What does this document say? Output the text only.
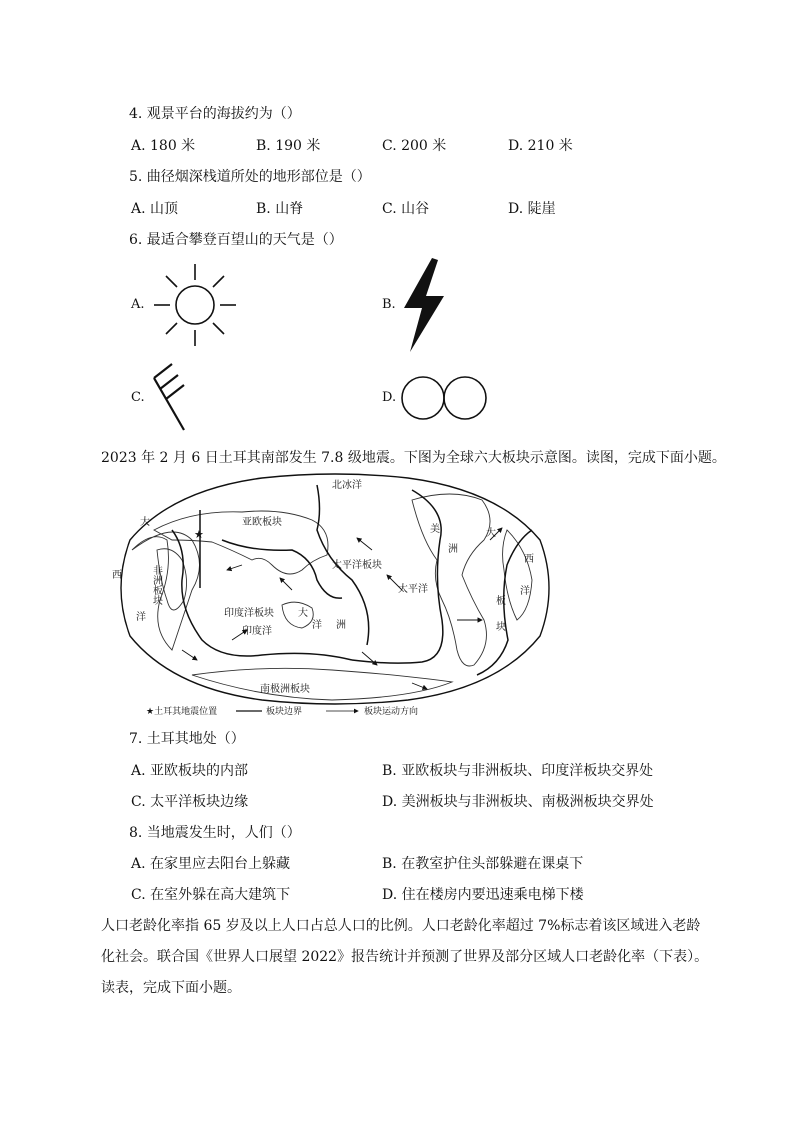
4. 观景平台的海拔约为（）
A. 180 米	B. 190 米	C. 200 米	D. 210 米
5. 曲径烟深栈道所处的地形部位是（）
A. 山顶	B. 山脊	C. 山谷	D. 陡崖
6. 最适合攀登百望山的天气是（）
A.	B.
C.	D.
2023 年 2 月 6 日土耳其南部发生 7.8 级地震。下图为全球六大板块示意图。读图，完成下面小题。
★
北冰洋
亚欧板块
太平洋板块
太平洋
非洲板块
印度洋板块
印度洋
南极洲板块
美
洲
板
块
大
西
洋
大
西
洋
大
洋 洲
★土耳其地震位置	板块边界	板块运动方向
7. 土耳其地处（）
A. 亚欧板块的内部	B. 亚欧板块与非洲板块、印度洋板块交界处
C. 太平洋板块边缘	D. 美洲板块与非洲板块、南极洲板块交界处
8. 当地震发生时，人们（）
A. 在家里应去阳台上躲藏	B. 在教室护住头部躲避在课桌下
C. 在室外躲在高大建筑下	D. 住在楼房内要迅速乘电梯下楼
人口老龄化率指 65 岁及以上人口占总人口的比例。人口老龄化率超过 7%标志着该区域进入老龄
化社会。联合国《世界人口展望 2022》报告统计并预测了世界及部分区域人口老龄化率（下表）。
读表，完成下面小题。
